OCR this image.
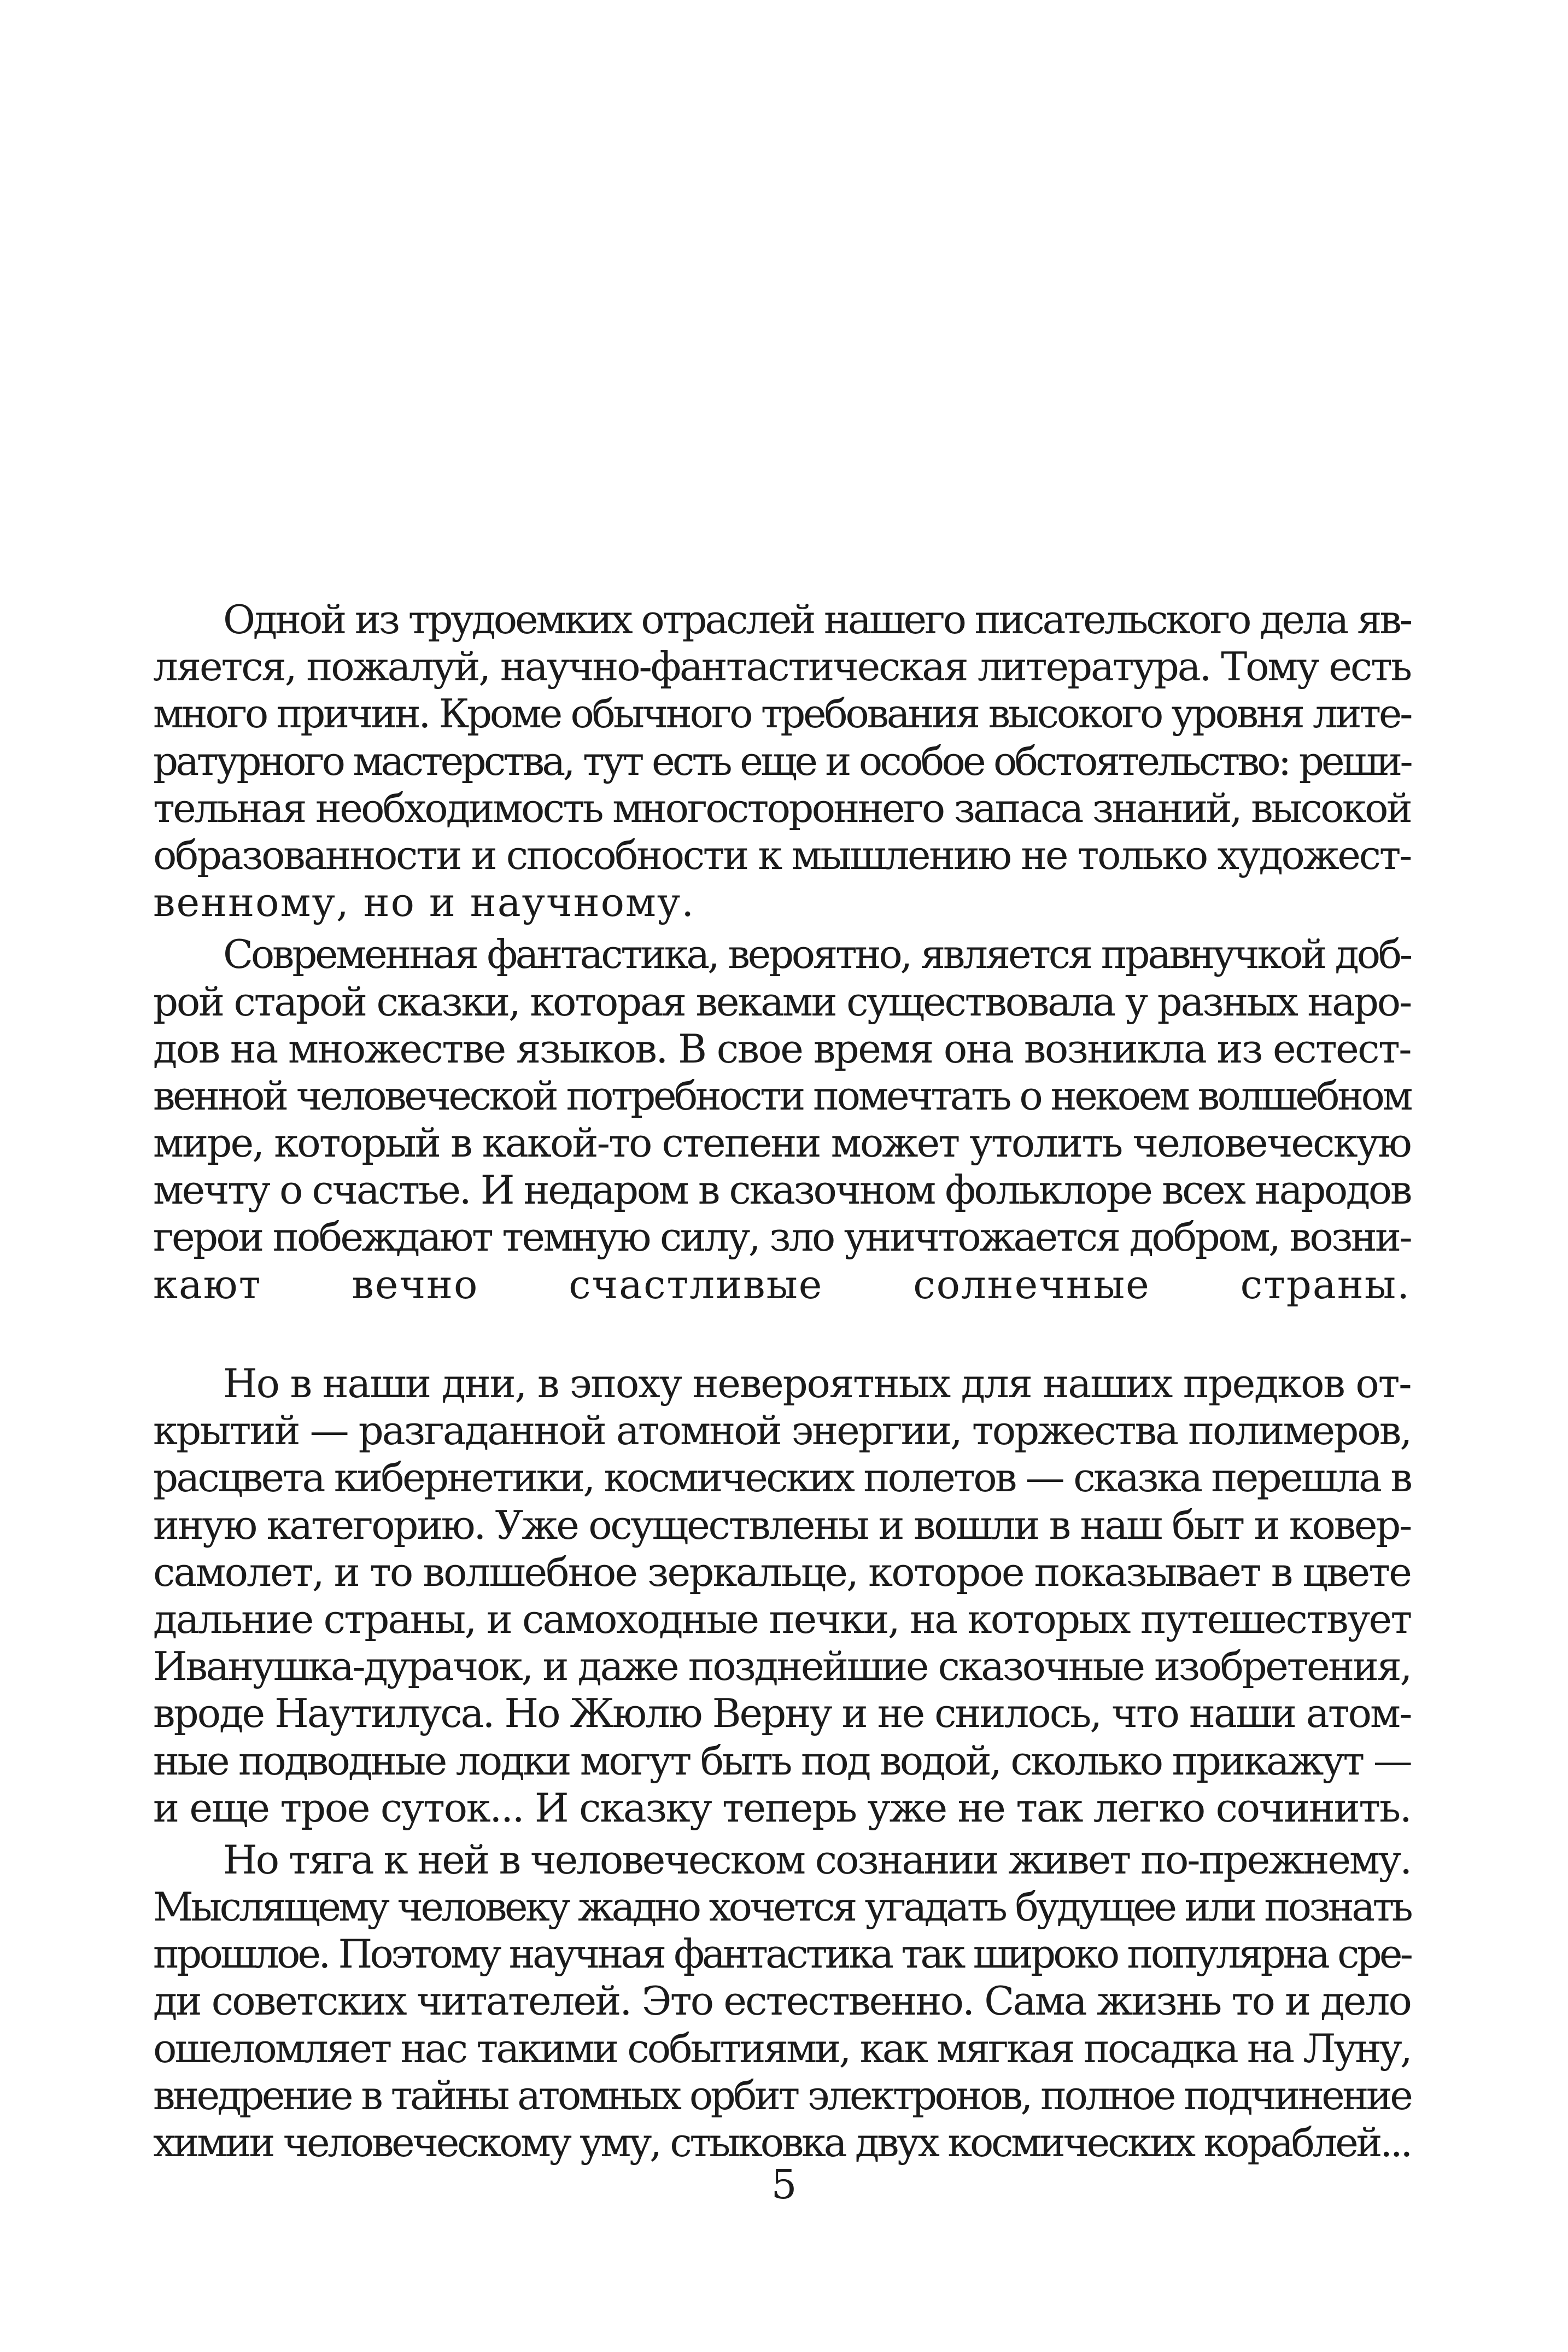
Одной из трудоемких отраслей нашего писательского дела яв-
ляется, пожалуй, научно-фантастическая литература. Тому есть
много причин. Кроме обычного требования высокого уровня лите-
ратурного мастерства, тут есть еще и особое обстоятельство: реши-
тельная необходимость многостороннего запаса знаний, высокой
образованности и способности к мышлению не только художест-
венному, но и научному.
Современная фантастика, вероятно, является правнучкой доб-
рой старой сказки, которая веками существовала у разных наро-
дов на множестве языков. В свое время она возникла из естест-
венной человеческой потребности помечтать о некоем волшебном
мире, который в какой-то степени может утолить человеческую
мечту о счастье. И недаром в сказочном фольклоре всех народов
герои побеждают темную силу, зло уничтожается добром, возни-
кают вечно счастливые солнечные страны.
Но в наши дни, в эпоху невероятных для наших предков от-
крытий — разгаданной атомной энергии, торжества полимеров,
расцвета кибернетики, космических полетов — сказка перешла в
иную категорию. Уже осуществлены и вошли в наш быт и ковер-
самолет, и то волшебное зеркальце, которое показывает в цвете
дальние страны, и самоходные печки, на которых путешествует
Иванушка-дурачок, и даже позднейшие сказочные изобретения,
вроде Наутилуса. Но Жюлю Верну и не снилось, что наши атом-
ные подводные лодки могут быть под водой, сколько прикажут —
и еще трое суток... И сказку теперь уже не так легко сочинить.
Но тяга к ней в человеческом сознании живет по-прежнему.
Мыслящему человеку жадно хочется угадать будущее или познать
прошлое. Поэтому научная фантастика так широко популярна сре-
ди советских читателей. Это естественно. Сама жизнь то и дело
ошеломляет нас такими событиями, как мягкая посадка на Луну,
внедрение в тайны атомных орбит электронов, полное подчинение
химии человеческому уму, стыковка двух космических кораблей...
5
